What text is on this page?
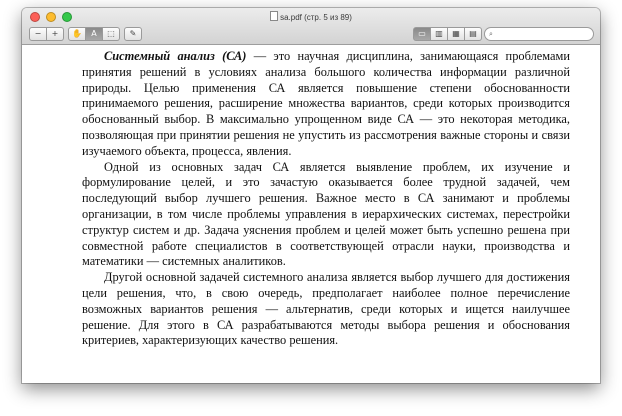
sa.pdf (стр. 5 из 89)
−	+	✋	A	⬚	✎	▭	▥	▦	▤	⌕

Системный анализ (СА) — это научная дисциплина, занимающаяся проблемами принятия решений в условиях анализа большого количества информации различной природы. Целью применения СА является повышение степени обоснованности принимаемого решения, расширение множества вариантов, среди которых производится обоснованный выбор. В максимально упрощенном виде СА — это некоторая методика, позволяющая при принятии решения не упустить из рассмотрения важные стороны и связи изучаемого объекта, процесса, явления.

Одной из основных задач СА является выявление проблем, их изучение и формулирование целей, и это зачастую оказывается более трудной задачей, чем последующий выбор лучшего решения. Важное место в СА занимают и проблемы организации, в том числе проблемы управления в иерархических системах, перестройки структур систем и др. Задача уяснения проблем и целей может быть успешно решена при совместной работе специалистов в соответствующей отрасли науки, производства и математики — системных аналитиков.

Другой основной задачей системного анализа является выбор лучшего для достижения цели решения, что, в свою очередь, предполагает наиболее полное перечисление возможных вариантов решения — альтернатив, среди которых и ищется наилучшее решение. Для этого в СА разрабатываются методы выбора решения и обоснования критериев, характеризующих качество решения.
